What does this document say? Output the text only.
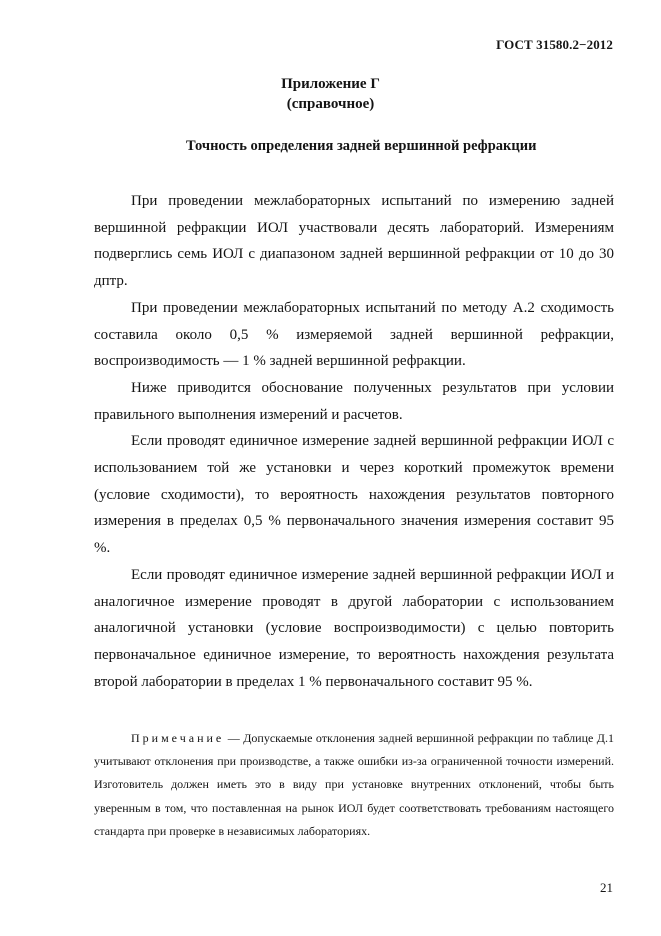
ГОСТ 31580.2−2012
Приложение Г
(справочное)
Точность определения задней вершинной рефракции

При проведении межлабораторных испытаний по измерению задней вершинной рефракции ИОЛ участвовали десять лабораторий. Измерениям подверглись семь ИОЛ с диапазоном задней вершинной рефракции от 10 до 30 дптр.

При проведении межлабораторных испытаний по методу А.2 сходимость составила около 0,5 % измеряемой задней вершинной рефракции, воспроизводимость — 1 % задней вершинной рефракции.

Ниже приводится обоснование полученных результатов при условии правильного выполнения измерений и расчетов.

Если проводят единичное измерение задней вершинной рефракции ИОЛ с использованием той же установки и через короткий промежуток времени (условие сходимости), то вероятность нахождения результатов повторного измерения в пределах 0,5 % первоначального значения измерения составит 95 %.

Если проводят единичное измерение задней вершинной рефракции ИОЛ и аналогичное измерение проводят в другой лаборатории с использованием аналогичной установки (условие воспроизводимости) с целью повторить первоначальное единичное измерение, то вероятность нахождения результата второй лаборатории в пределах 1 % первоначального составит 95 %.

Примечание — Допускаемые отклонения задней вершинной рефракции по таблице Д.1 учитывают отклонения при производстве, а также ошибки из-за ограниченной точности измерений. Изготовитель должен иметь это в виду при установке внутренних отклонений, чтобы быть уверенным в том, что поставленная на рынок ИОЛ будет соответствовать требованиям настоящего стандарта при проверке в независимых лабораториях.
21
